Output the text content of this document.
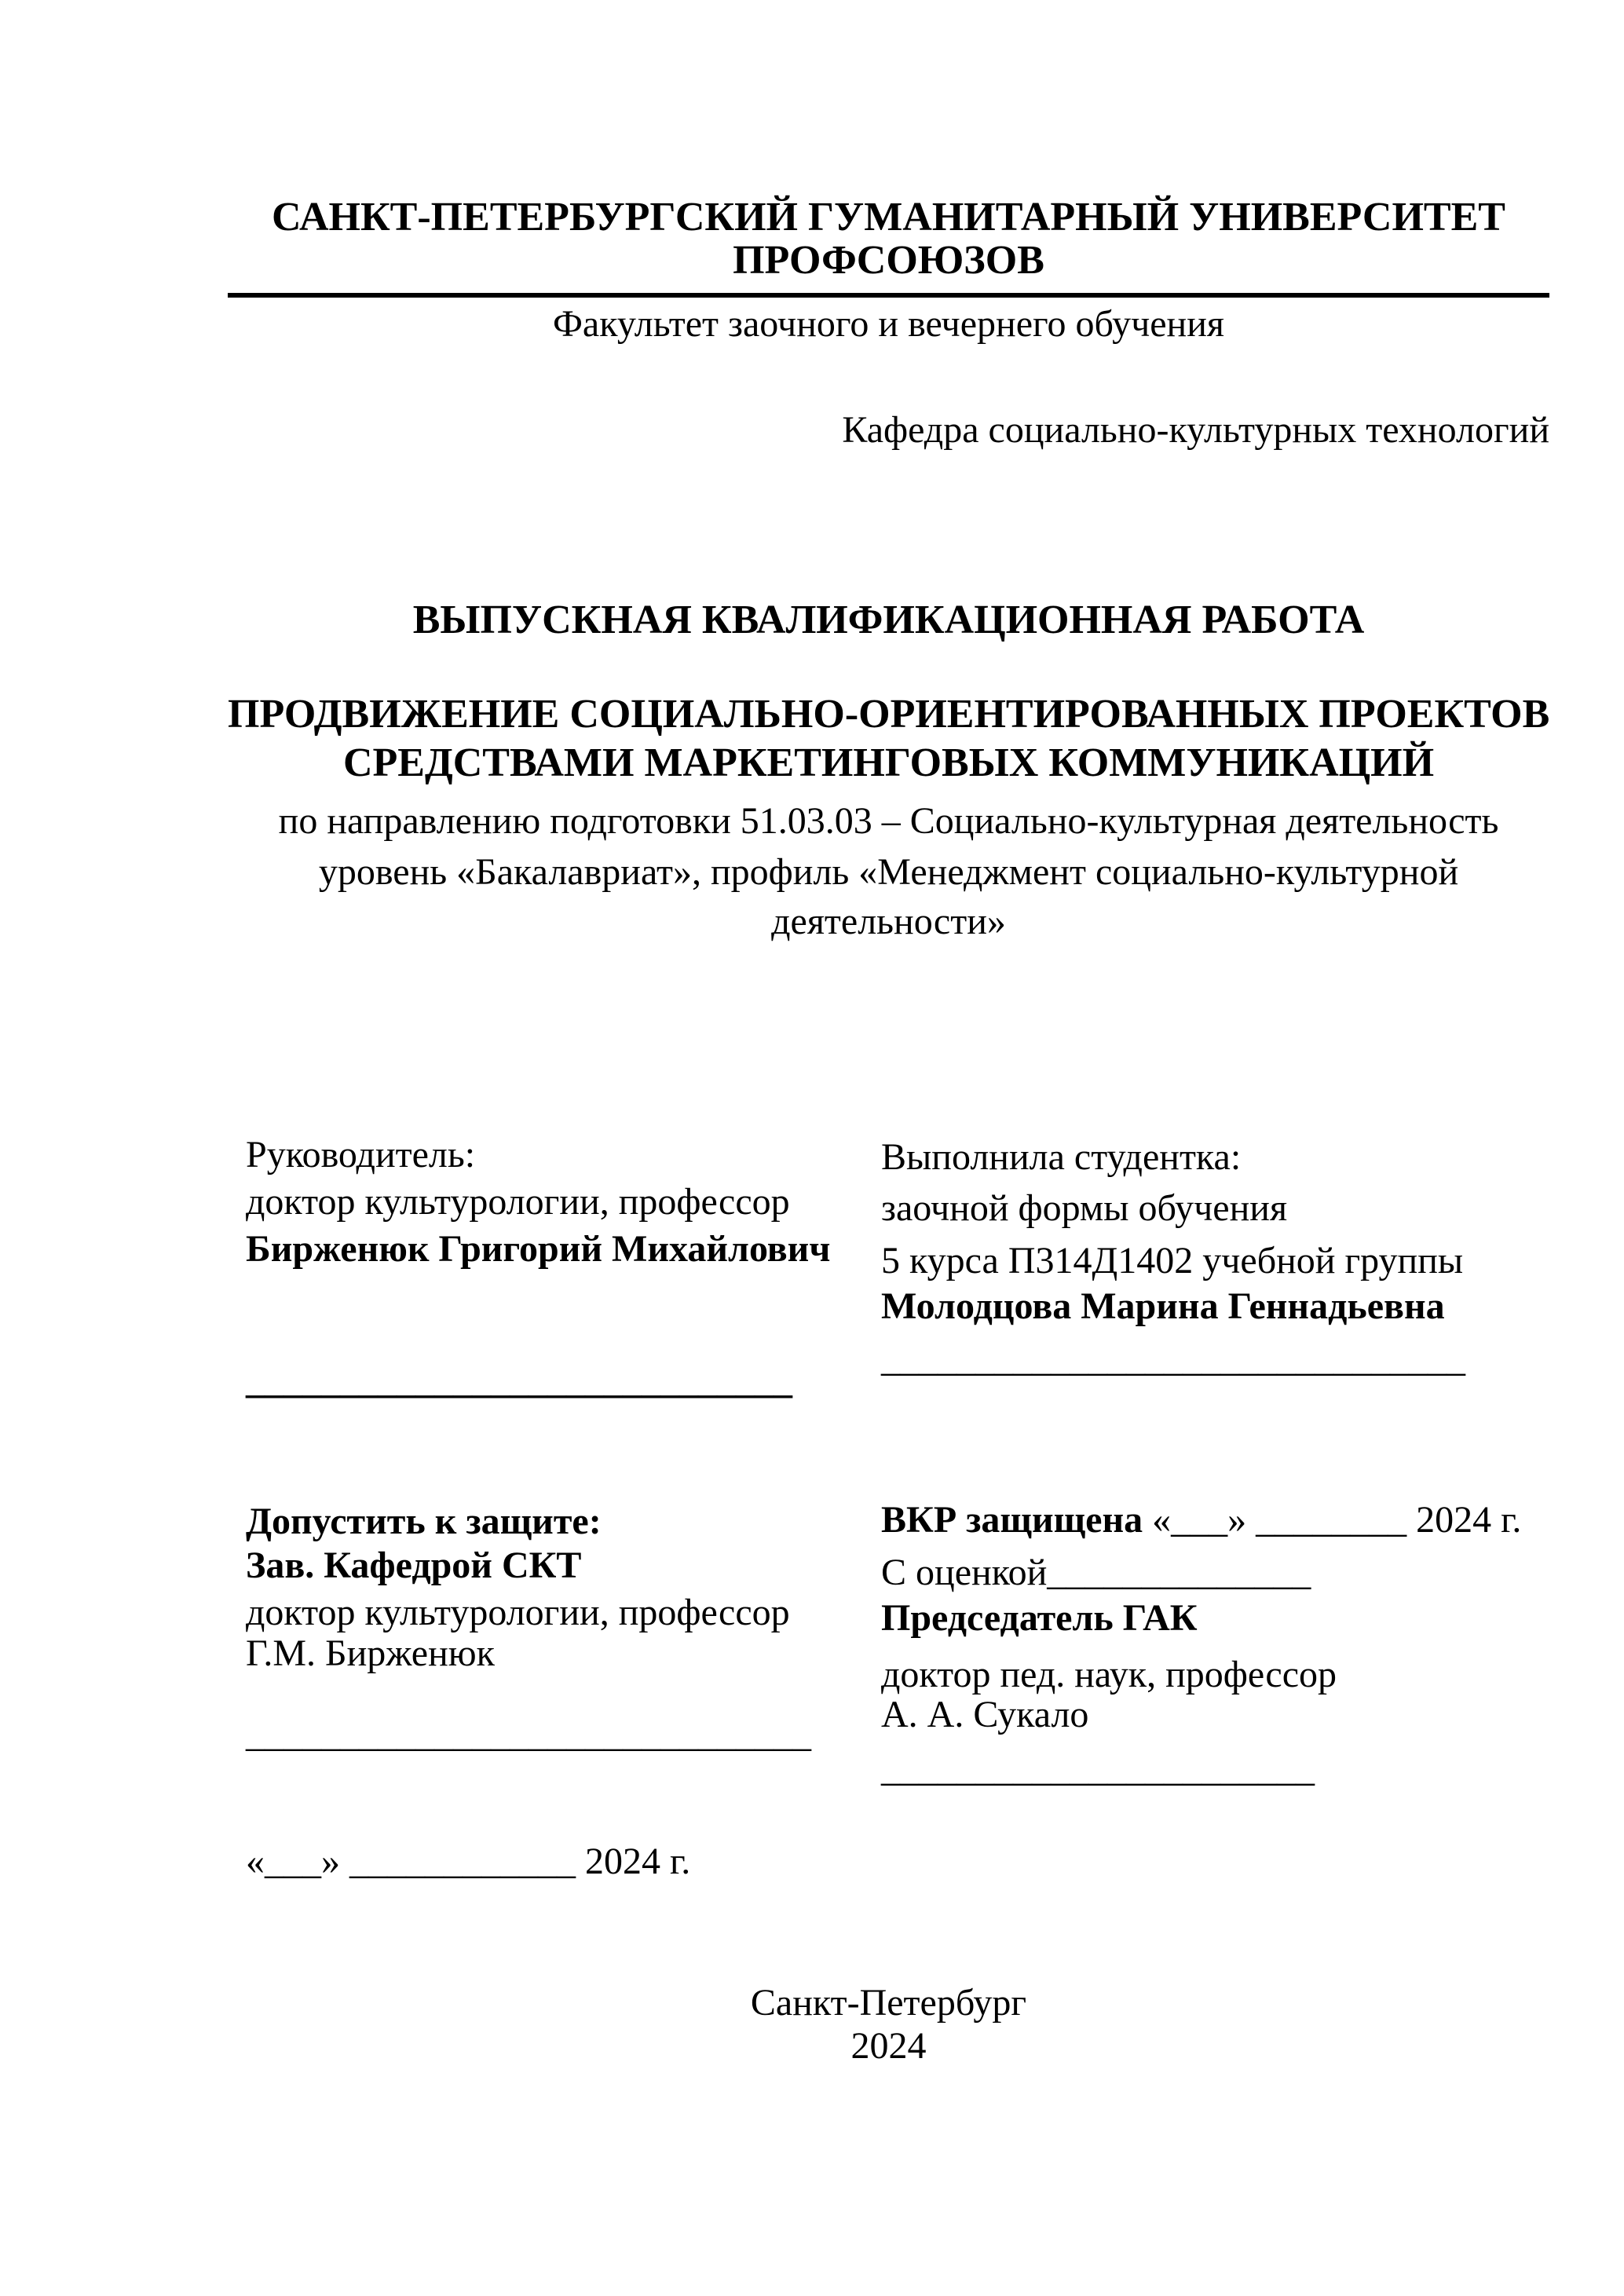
САНКТ-ПЕТЕРБУРГСКИЙ ГУМАНИТАРНЫЙ УНИВЕРСИТЕТ
ПРОФСОЮЗОВ
Факультет заочного и вечернего обучения
Кафедра социально-культурных технологий
ВЫПУСКНАЯ КВАЛИФИКАЦИОННАЯ РАБОТА
ПРОДВИЖЕНИЕ СОЦИАЛЬНО-ОРИЕНТИРОВАННЫХ ПРОЕКТОВ
СРЕДСТВАМИ МАРКЕТИНГОВЫХ КОММУНИКАЦИЙ
по направлению подготовки 51.03.03 – Социально-культурная деятельность
уровень «Бакалавриат», профиль «Менеджмент социально-культурной
деятельности»
Руководитель:
доктор культурологии, профессор
Бирженюк Григорий Михайлович
_____________________________
Выполнила студентка:
заочной формы обучения
5 курса П314Д1402 учебной группы
Молодцова Марина Геннадьевна
_______________________________
Допустить к защите:
Зав. Кафедрой СКТ
доктор культурологии, профессор
Г.М. Бирженюк
______________________________
«___» ____________ 2024 г.
ВКР защищена «___» ________ 2024 г.
С оценкой______________
Председатель ГАК
доктор пед. наук, профессор
А. А. Сукало
_______________________
Санкт-Петербург
2024
